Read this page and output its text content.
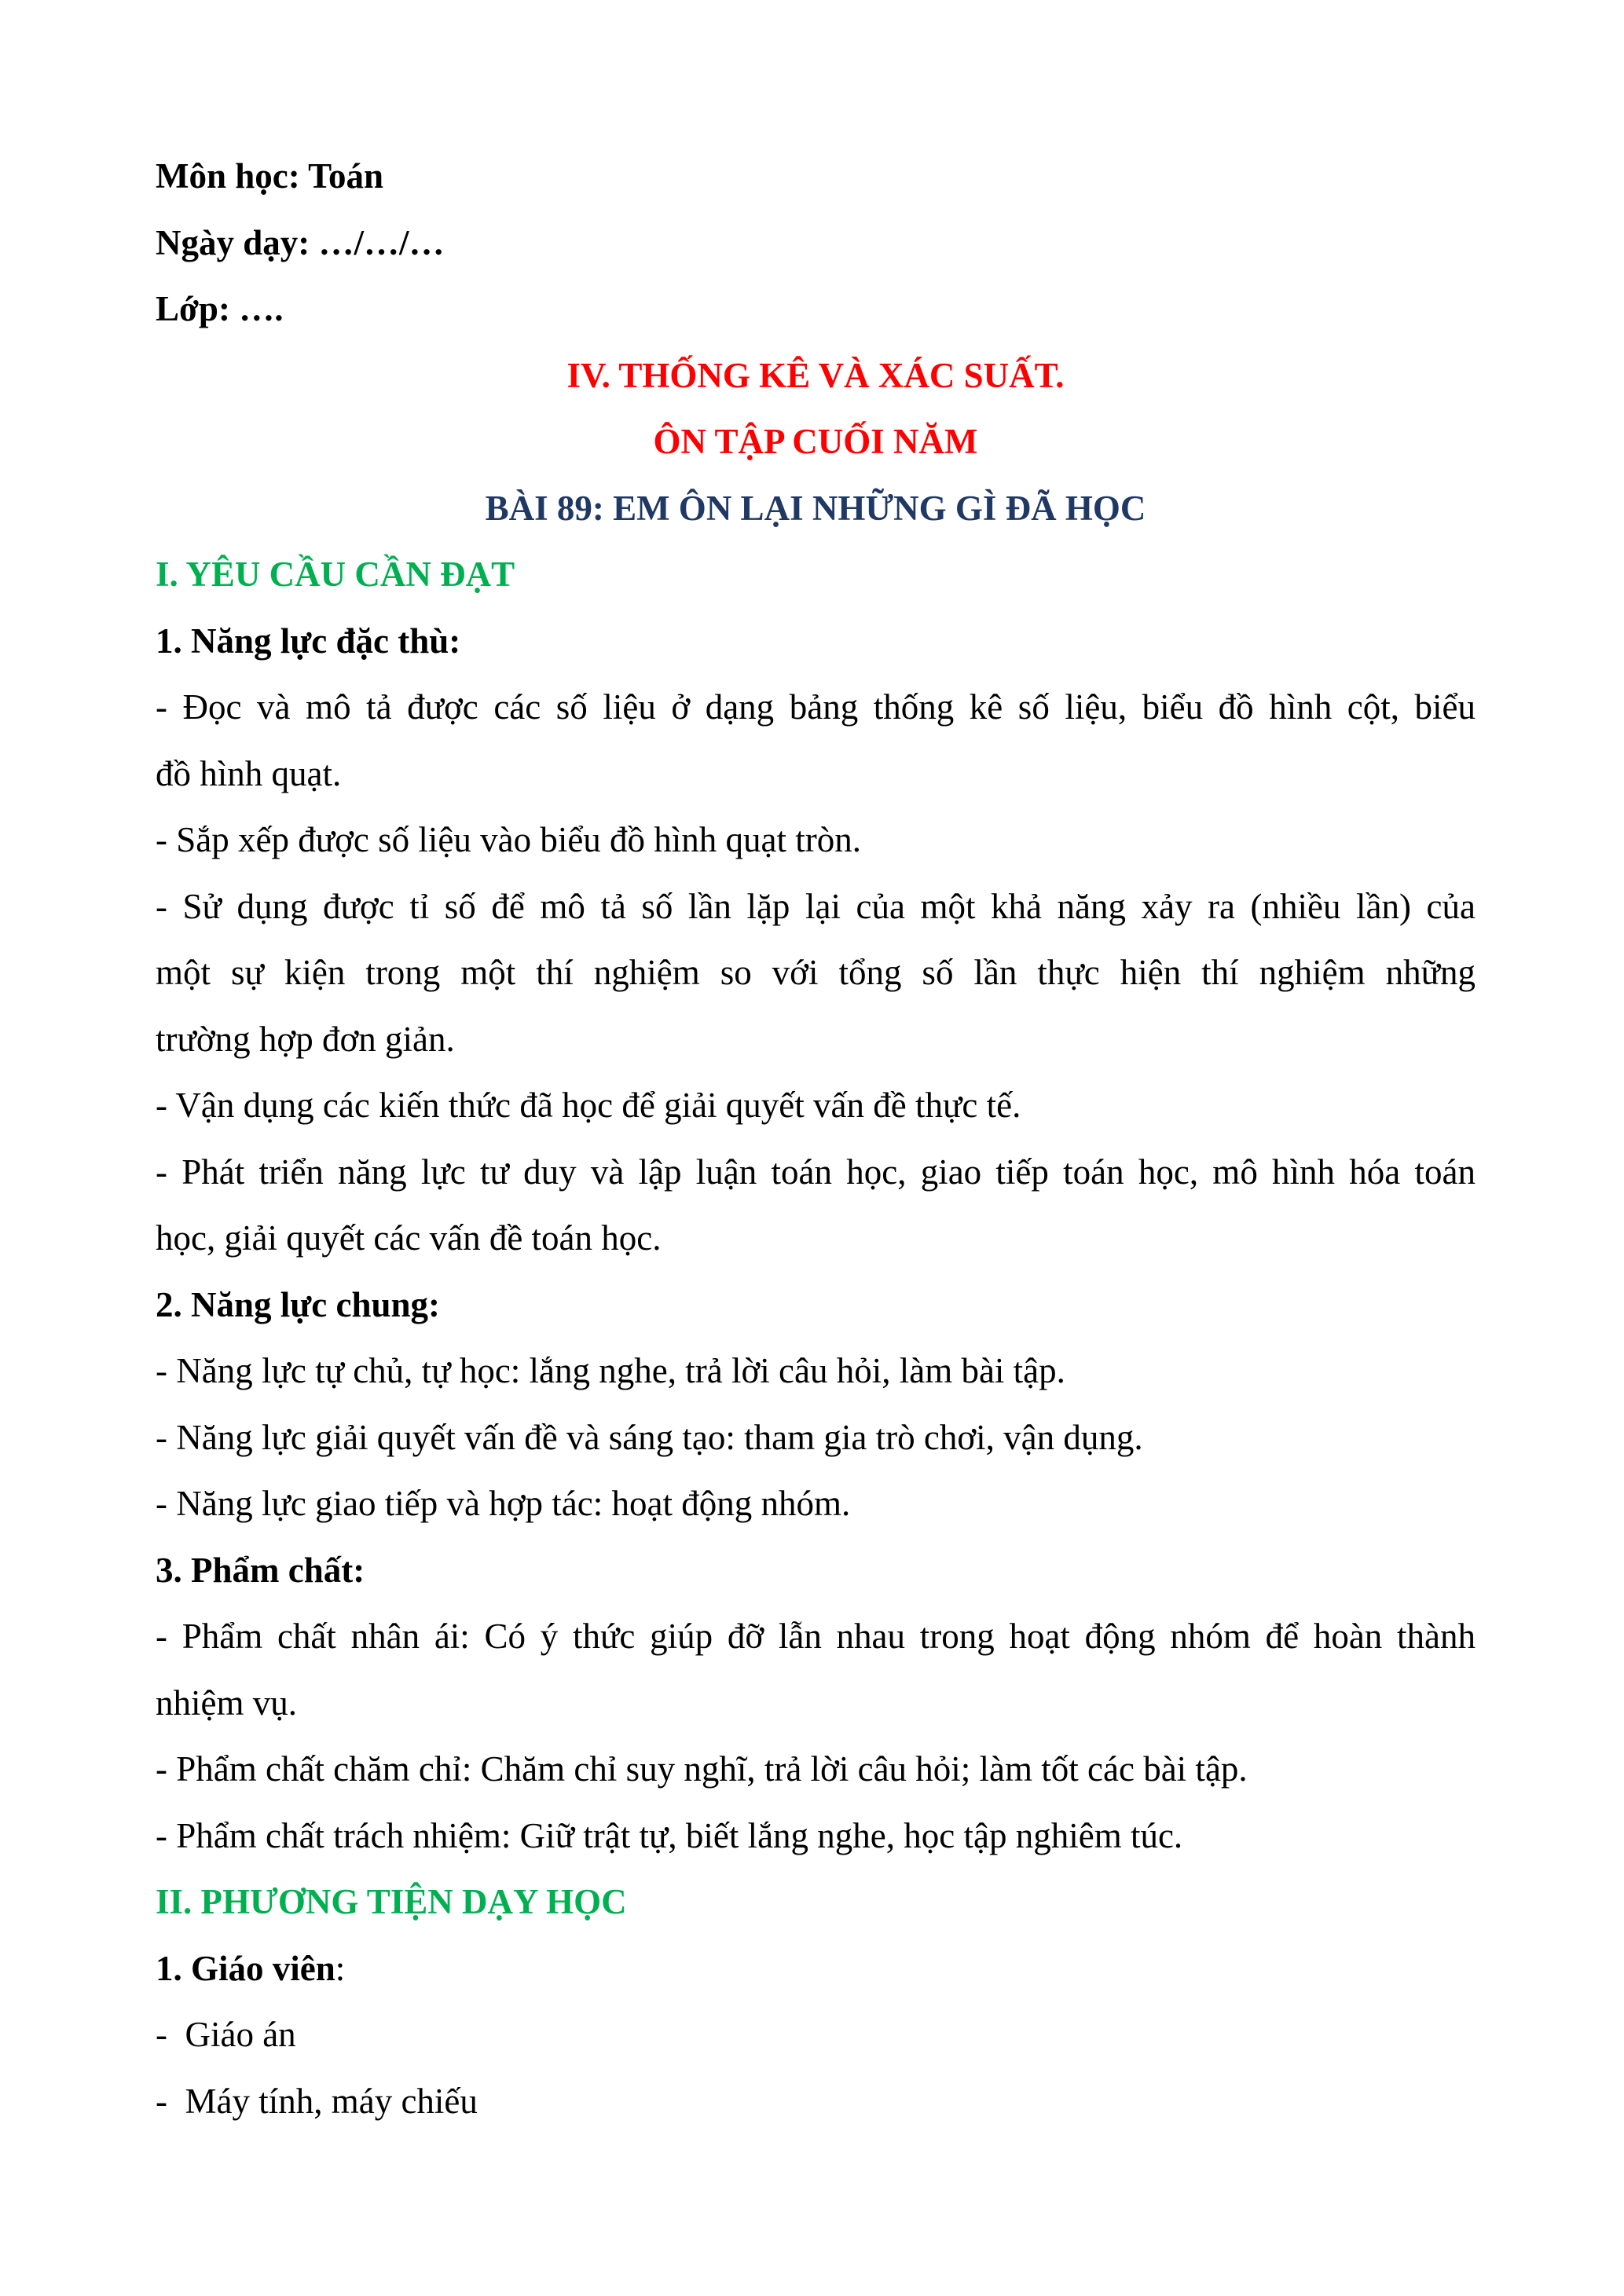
Môn học: Toán

Ngày dạy: …/…/…

Lớp: ….

IV. THỐNG KÊ VÀ XÁC SUẤT.

ÔN TẬP CUỐI NĂM

BÀI 89: EM ÔN LẠI NHỮNG GÌ ĐÃ HỌC

I. YÊU CẦU CẦN ĐẠT

1. Năng lực đặc thù:

- Đọc và mô tả được các số liệu ở dạng bảng thống kê số liệu, biểu đồ hình cột, biểu

đồ hình quạt.

- Sắp xếp được số liệu vào biểu đồ hình quạt tròn.

- Sử dụng được tỉ số để mô tả số lần lặp lại của một khả năng xảy ra (nhiều lần) của

một sự kiện trong một thí nghiệm so với tổng số lần thực hiện thí nghiệm những

trường hợp đơn giản.

- Vận dụng các kiến thức đã học để giải quyết vấn đề thực tế.

- Phát triển năng lực tư duy và lập luận toán học, giao tiếp toán học, mô hình hóa toán

học, giải quyết các vấn đề toán học.

2. Năng lực chung:

- Năng lực tự chủ, tự học: lắng nghe, trả lời câu hỏi, làm bài tập.

- Năng lực giải quyết vấn đề và sáng tạo: tham gia trò chơi, vận dụng.

- Năng lực giao tiếp và hợp tác: hoạt động nhóm.

3. Phẩm chất:

- Phẩm chất nhân ái: Có ý thức giúp đỡ lẫn nhau trong hoạt động nhóm để hoàn thành

nhiệm vụ.

- Phẩm chất chăm chỉ: Chăm chỉ suy nghĩ, trả lời câu hỏi; làm tốt các bài tập.

- Phẩm chất trách nhiệm: Giữ trật tự, biết lắng nghe, học tập nghiêm túc.

II. PHƯƠNG TIỆN DẠY HỌC

1. Giáo viên:

-  Giáo án

-  Máy tính, máy chiếu
